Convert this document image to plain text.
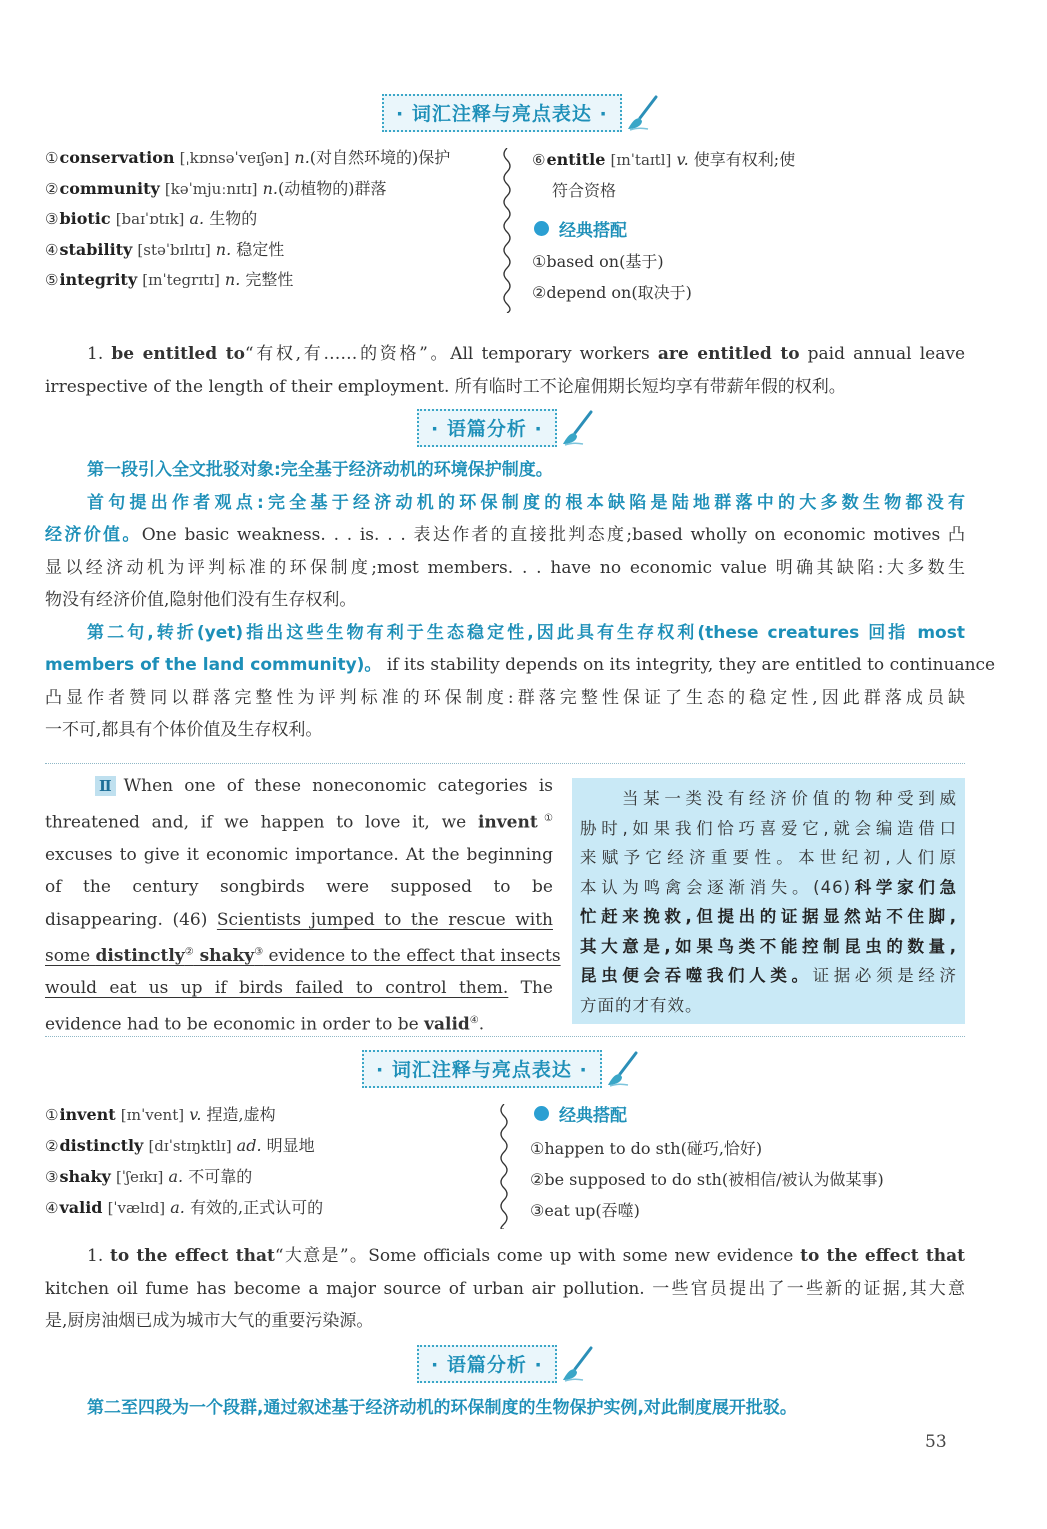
· 词汇注释与亮点表达 ·
①conservation [ˌkɒnsəˈveɪʃən] n.(对自然环境的)保护
②community [kəˈmjuːnɪtɪ] n.(动植物的)群落
③biotic [baɪˈɒtɪk] a. 生物的
④stability [stəˈbɪlɪtɪ] n. 稳定性
⑤integrity [ɪnˈtegrɪtɪ] n. 完整性
⑥entitle [ɪnˈtaɪtl] v. 使享有权利;使
符合资格
经典搭配
①based on(基于)
②depend on(取决于)
1. be entitled to“有权,有……的资格”。All temporary workers are entitled to paid annual leave
irrespective of the length of their employment. 所有临时工不论雇佣期长短均享有带薪年假的权利。
· 语篇分析 ·
第一段引入全文批驳对象:完全基于经济动机的环境保护制度。
首句提出作者观点:完全基于经济动机的环保制度的根本缺陷是陆地群落中的大多数生物都没有
经济价值。One basic weakness. . . is. . . 表达作者的直接批判态度;based wholly on economic motives 凸
显以经济动机为评判标准的环保制度;most members. . . have no economic value 明确其缺陷:大多数生
物没有经济价值,隐射他们没有生存权利。
第二句,转折(yet)指出这些生物有利于生态稳定性,因此具有生存权利(these creatures 回指 most
members of the land community)。 if its stability depends on its integrity, they are entitled to continuance
凸显作者赞同以群落完整性为评判标准的环保制度:群落完整性保证了生态的稳定性,因此群落成员缺
一不可,都具有个体价值及生存权利。
Ⅱ When one of these noneconomic categories is
threatened and, if we happen to love it, we invent①
excuses to give it economic importance. At the beginning
of the century songbirds were supposed to be
disappearing. (46) Scientists jumped to the rescue with
some distinctly② shaky③ evidence to the effect that insects
would eat us up if birds failed to control them. The
evidence had to be economic in order to be valid④.
当某一类没有经济价值的物种受到威
胁时,如果我们恰巧喜爱它,就会编造借口
来赋予它经济重要性。本世纪初,人们原
本认为鸣禽会逐渐消失。(46)科学家们急
忙赶来挽救,但提出的证据显然站不住脚,
其大意是,如果鸟类不能控制昆虫的数量,
昆虫便会吞噬我们人类。证据必须是经济
方面的才有效。
· 词汇注释与亮点表达 ·
①invent [ɪnˈvent] v. 捏造,虚构
②distinctly [dɪˈstɪŋktlɪ] ad. 明显地
③shaky [ˈʃeɪkɪ] a. 不可靠的
④valid [ˈvælɪd] a. 有效的,正式认可的
经典搭配
①happen to do sth(碰巧,恰好)
②be supposed to do sth(被相信/被认为做某事)
③eat up(吞噬)
1. to the effect that“大意是”。Some officials come up with some new evidence to the effect that
kitchen oil fume has become a major source of urban air pollution. 一些官员提出了一些新的证据,其大意
是,厨房油烟已成为城市大气的重要污染源。
· 语篇分析 ·
第二至四段为一个段群,通过叙述基于经济动机的环保制度的生物保护实例,对此制度展开批驳。
53
